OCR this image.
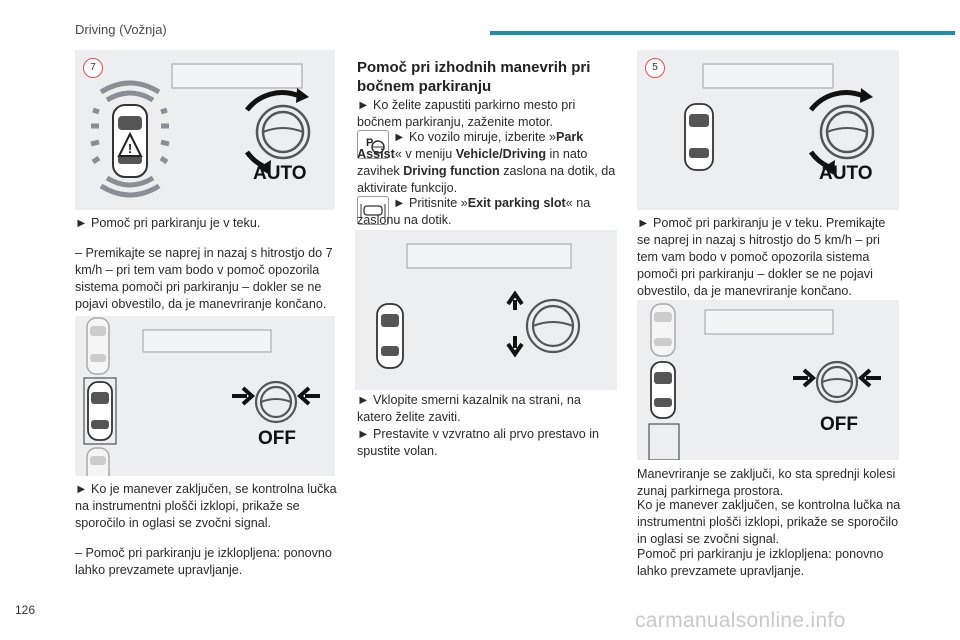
Driving (Vožnja)
!
7
AUTO
► Pomoč pri parkiranju je v teku.
– Premikajte se naprej in nazaj s hitrostjo do 7 km/h – pri tem vam bodo v pomoč opozorila sistema pomoči pri parkiranju – dokler se ne pojavi obvestilo, da je manevriranje končano.
OFF
► Ko je manever zaključen, se kontrolna lučka na instrumentni plošči izklopi, prikaže se sporočilo in oglasi se zvočni signal.
– Pomoč pri parkiranju je izklopljena: ponovno lahko prevzamete upravljanje.
Pomoč pri izhodnih manevrih pri bočnem parkiranju
► Ko želite zapustiti parkirno mesto pri bočnem parkiranju, zaženite motor.
P	► Ko vozilo miruje, izberite »Park Assist« v meniju Vehicle/Driving in nato zavihek Driving function zaslona na dotik, da aktivirate funkcijo.
► Pritisnite »Exit parking slot« na zaslonu na dotik.
► Vklopite smerni kazalnik na strani, na katero želite zaviti.
► Prestavite v vzvratno ali prvo prestavo in spustite volan.
5
AUTO
► Pomoč pri parkiranju je v teku. Premikajte se naprej in nazaj s hitrostjo do 5 km/h – pri tem vam bodo v pomoč opozorila sistema pomoči pri parkiranju – dokler se ne pojavi obvestilo, da je manevriranje končano.
OFF
Manevriranje se zaključi, ko sta sprednji kolesi zunaj parkirnega prostora.
Ko je manever zaključen, se kontrolna lučka na instrumentni plošči izklopi, prikaže se sporočilo in oglasi se zvočni signal.
Pomoč pri parkiranju je izklopljena: ponovno lahko prevzamete upravljanje.
126	carmanualsonline.info
